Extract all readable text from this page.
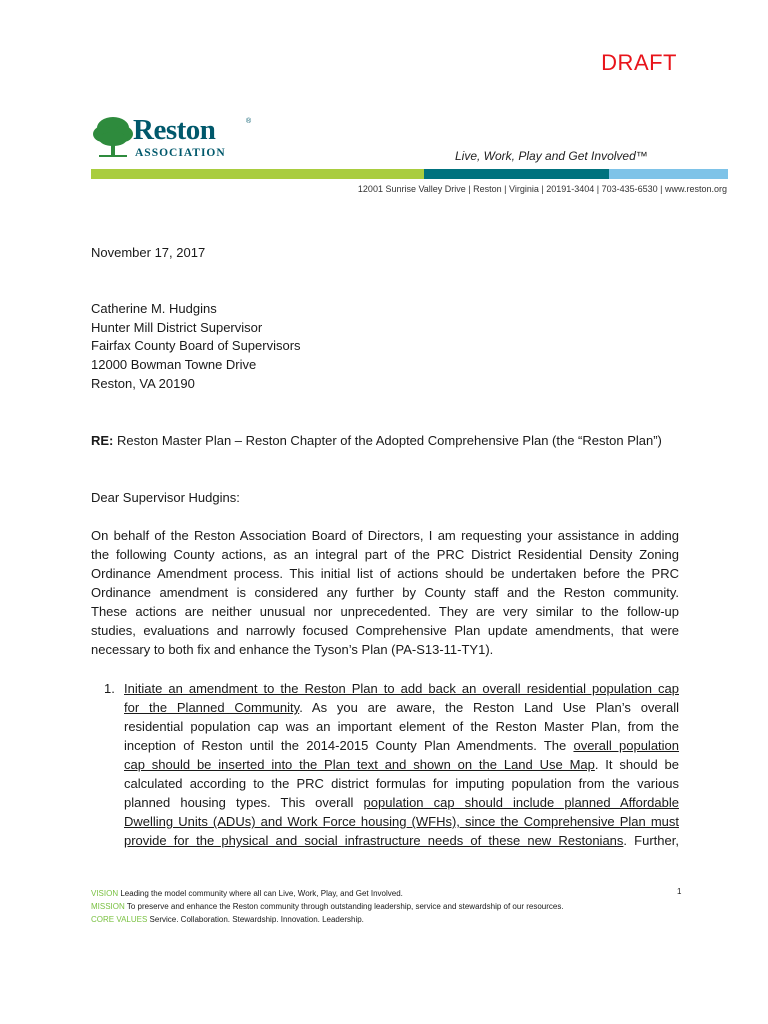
DRAFT
Reston	®
ASSOCIATION	Live, Work, Play and Get Involved™
12001 Sunrise Valley Drive | Reston | Virginia | 20191-3404 | 703-435-6530 | www.reston.org
November 17, 2017
Catherine M. Hudgins
Hunter Mill District Supervisor
Fairfax County Board of Supervisors
12000 Bowman Towne Drive
Reston, VA 20190
RE: Reston Master Plan – Reston Chapter of the Adopted Comprehensive Plan (the “Reston Plan”)
Dear Supervisor Hudgins:
On behalf of the Reston Association Board of Directors, I am requesting your assistance in adding
the following County actions, as an integral part of the PRC District Residential Density Zoning
Ordinance Amendment process. This initial list of actions should be undertaken before the PRC
Ordinance amendment is considered any further by County staff and the Reston community.
These actions are neither unusual nor unprecedented. They are very similar to the follow-up
studies, evaluations and narrowly focused Comprehensive Plan update amendments, that were
necessary to both fix and enhance the Tyson’s Plan (PA-S13-11-TY1).
1. Initiate an amendment to the Reston Plan to add back an overall residential population cap
for the Planned Community. As you are aware, the Reston Land Use Plan’s overall
residential population cap was an important element of the Reston Master Plan, from the
inception of Reston until the 2014-2015 County Plan Amendments. The overall population
cap should be inserted into the Plan text and shown on the Land Use Map. It should be
calculated according to the PRC district formulas for imputing population from the various
planned housing types. This overall population cap should include planned Affordable
Dwelling Units (ADUs) and Work Force housing (WFHs), since the Comprehensive Plan must
provide for the physical and social infrastructure needs of these new Restonians. Further,
VISION Leading the model community where all can Live, Work, Play, and Get Involved.
MISSION To preserve and enhance the Reston community through outstanding leadership, service and stewardship of our resources.
CORE VALUES Service. Collaboration. Stewardship. Innovation. Leadership.
1
